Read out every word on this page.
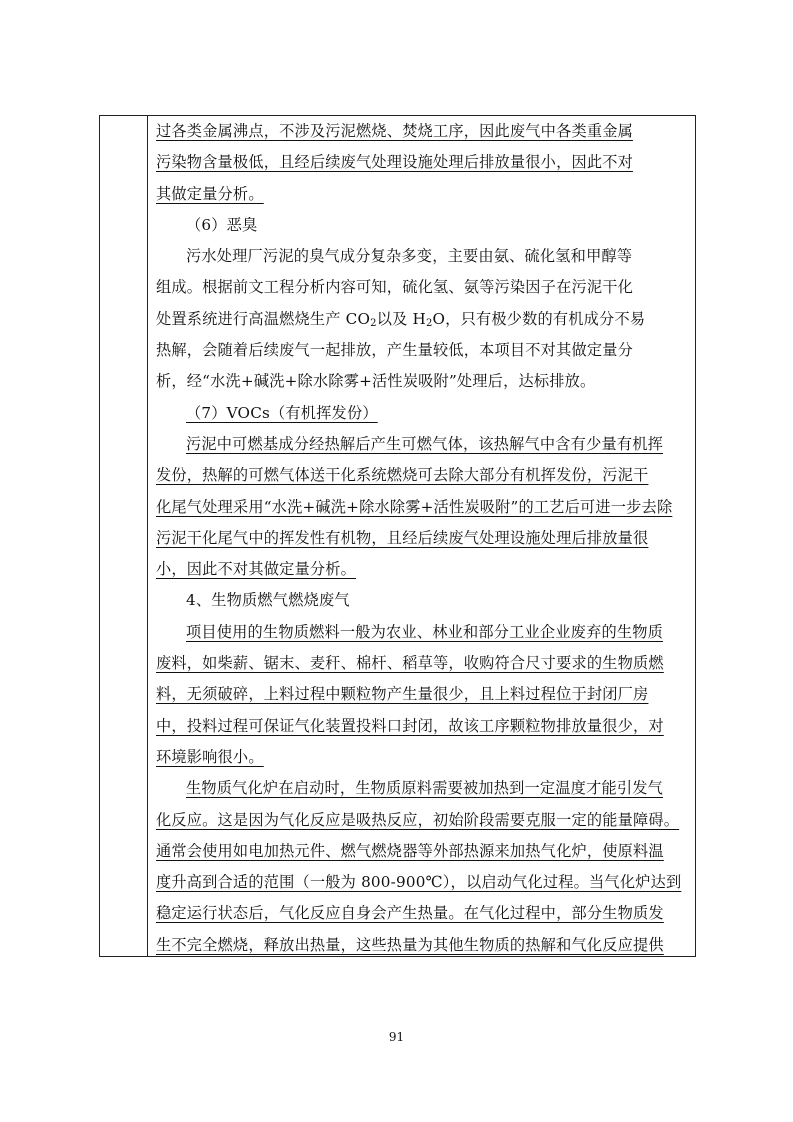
过各类金属沸点，不涉及污泥燃烧、焚烧工序，因此废气中各类重金属
污染物含量极低，且经后续废气处理设施处理后排放量很小，因此不对
其做定量分析。
（6）恶臭
污水处理厂污泥的臭气成分复杂多变，主要由氨、硫化氢和甲醇等
组成。根据前文工程分析内容可知，硫化氢、氨等污染因子在污泥干化
处置系统进行高温燃烧生产 $CO_2$以及 $H_2O$，只有极少数的有机成分不易
热解，会随着后续废气一起排放，产生量较低，本项目不对其做定量分
析，经“水洗+碱洗+除水除雾+活性炭吸附”处理后，达标排放。
（7）VOCs（有机挥发份）
污泥中可燃基成分经热解后产生可燃气体，该热解气中含有少量有机挥
发份，热解的可燃气体送干化系统燃烧可去除大部分有机挥发份，污泥干
化尾气处理采用“水洗+碱洗+除水除雾+活性炭吸附”的工艺后可进一步去除
污泥干化尾气中的挥发性有机物，且经后续废气处理设施处理后排放量很
小，因此不对其做定量分析。
4、生物质燃气燃烧废气
项目使用的生物质燃料一般为农业、林业和部分工业企业废弃的生物质
废料，如柴薪、锯末、麦秆、棉杆、稻草等，收购符合尺寸要求的生物质燃
料，无须破碎，上料过程中颗粒物产生量很少，且上料过程位于封闭厂房
中，投料过程可保证气化装置投料口封闭，故该工序颗粒物排放量很少，对
环境影响很小。
生物质气化炉在启动时，生物质原料需要被加热到一定温度才能引发气
化反应。这是因为气化反应是吸热反应，初始阶段需要克服一定的能量障碍。
通常会使用如电加热元件、燃气燃烧器等外部热源来加热气化炉，使原料温
度升高到合适的范围（一般为 800-900℃），以启动气化过程。当气化炉达到
稳定运行状态后，气化反应自身会产生热量。在气化过程中，部分生物质发
生不完全燃烧，释放出热量，这些热量为其他生物质的热解和气化反应提供
91
